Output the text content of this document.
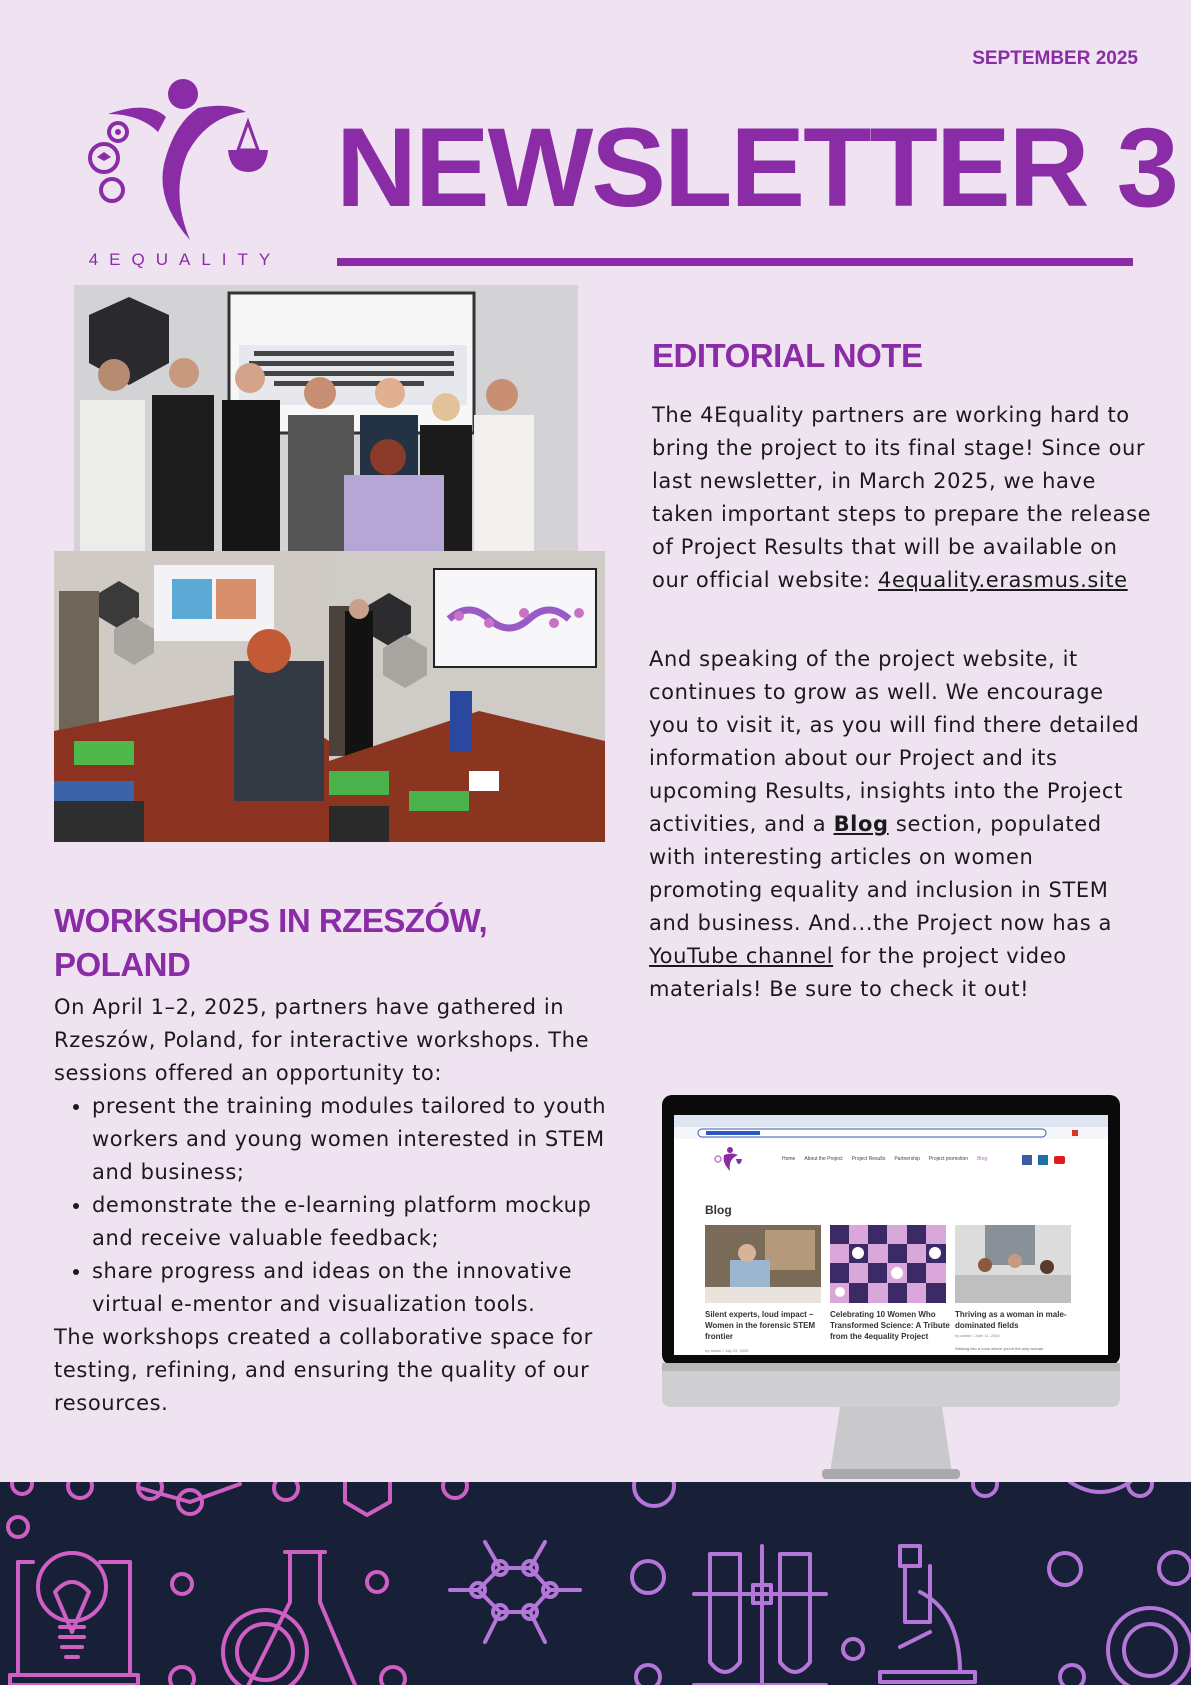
SEPTEMBER 2025
4EQUALITY
NEWSLETTER 3
EDITORIAL NOTE
The 4Equality partners are working hard to bring the project to its final stage! Since our last newsletter, in March 2025, we have taken important steps to prepare the release of Project Results that will be available on our official website: 4equality.erasmus.site
And speaking of the project website, it continues to grow as well. We encourage you to visit it, as you will find there detailed information about our Project and its upcoming Results, insights into the Project activities, and a Blog section, populated with interesting articles on women promoting equality and inclusion in STEM and business. And...the Project now has a YouTube channel for the project video materials! Be sure to check it out!
WORKSHOPS IN RZESZÓW, POLAND
On April 1–2, 2025, partners have gathered in Rzeszów, Poland, for interactive workshops. The sessions offered an opportunity to:
• present the training modules tailored to youth workers and young women interested in STEM and business;
• demonstrate the e-learning platform mockup and receive valuable feedback;
• share progress and ideas on the innovative virtual e-mentor and visualization tools.
The workshops created a collaborative space for testing, refining, and ensuring the quality of our resources.
Home About the Project Project Results Partnership Project promotion Blog
Blog
Silent experts, loud impact – Women in the forensic STEM frontier
by admin / July 23, 2025
Celebrating 10 Women Who Transformed Science: A Tribute from the 4equality Project
Thriving as a woman in male-dominated fields
by admin / June 11, 2025
Walking into a room where you're the only woman
